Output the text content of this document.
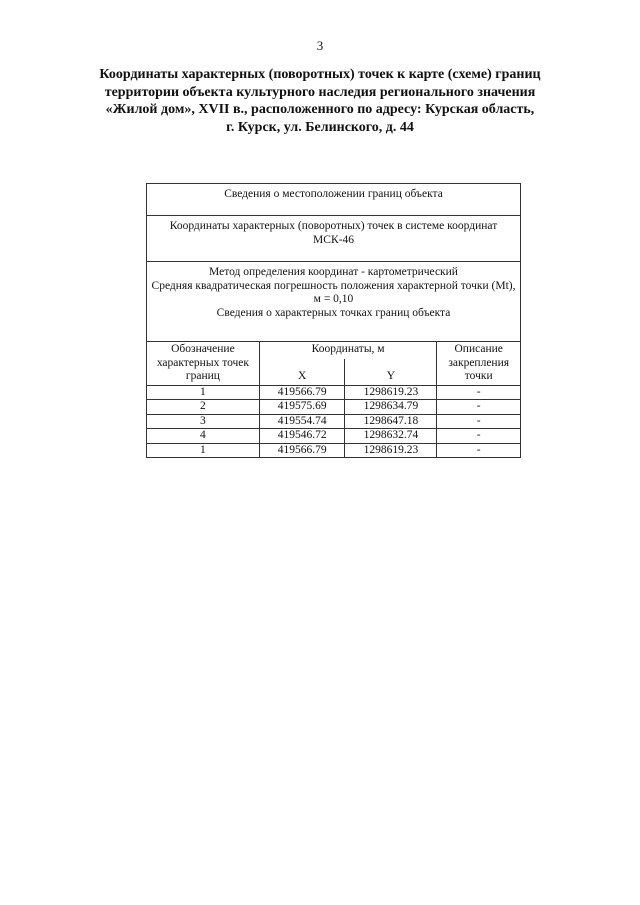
3
Координаты характерных (поворотных) точек к карте (схеме) границ
территории объекта культурного наследия регионального значения
«Жилой дом», XVII в., расположенного по адресу: Курская область,
г. Курск, ул. Белинского, д. 44
Сведения о местоположении границ объекта			
Координаты характерных (поворотных) точек в системе координат МСК-46			

Метод определения координат - картометрический
Средняя квадратическая погрешность положения характерной точки (Mt), м = 0,10
Сведения о характерных точках границ объекта			

Обозначение характерных точек границ	Координаты, м		Описание закрепления точки
	X	Y	
1	419566.79	1298619.23	-
2	419575.69	1298634.79	-
3	419554.74	1298647.18	-
4	419546.72	1298632.74	-
1	419566.79	1298619.23	-
